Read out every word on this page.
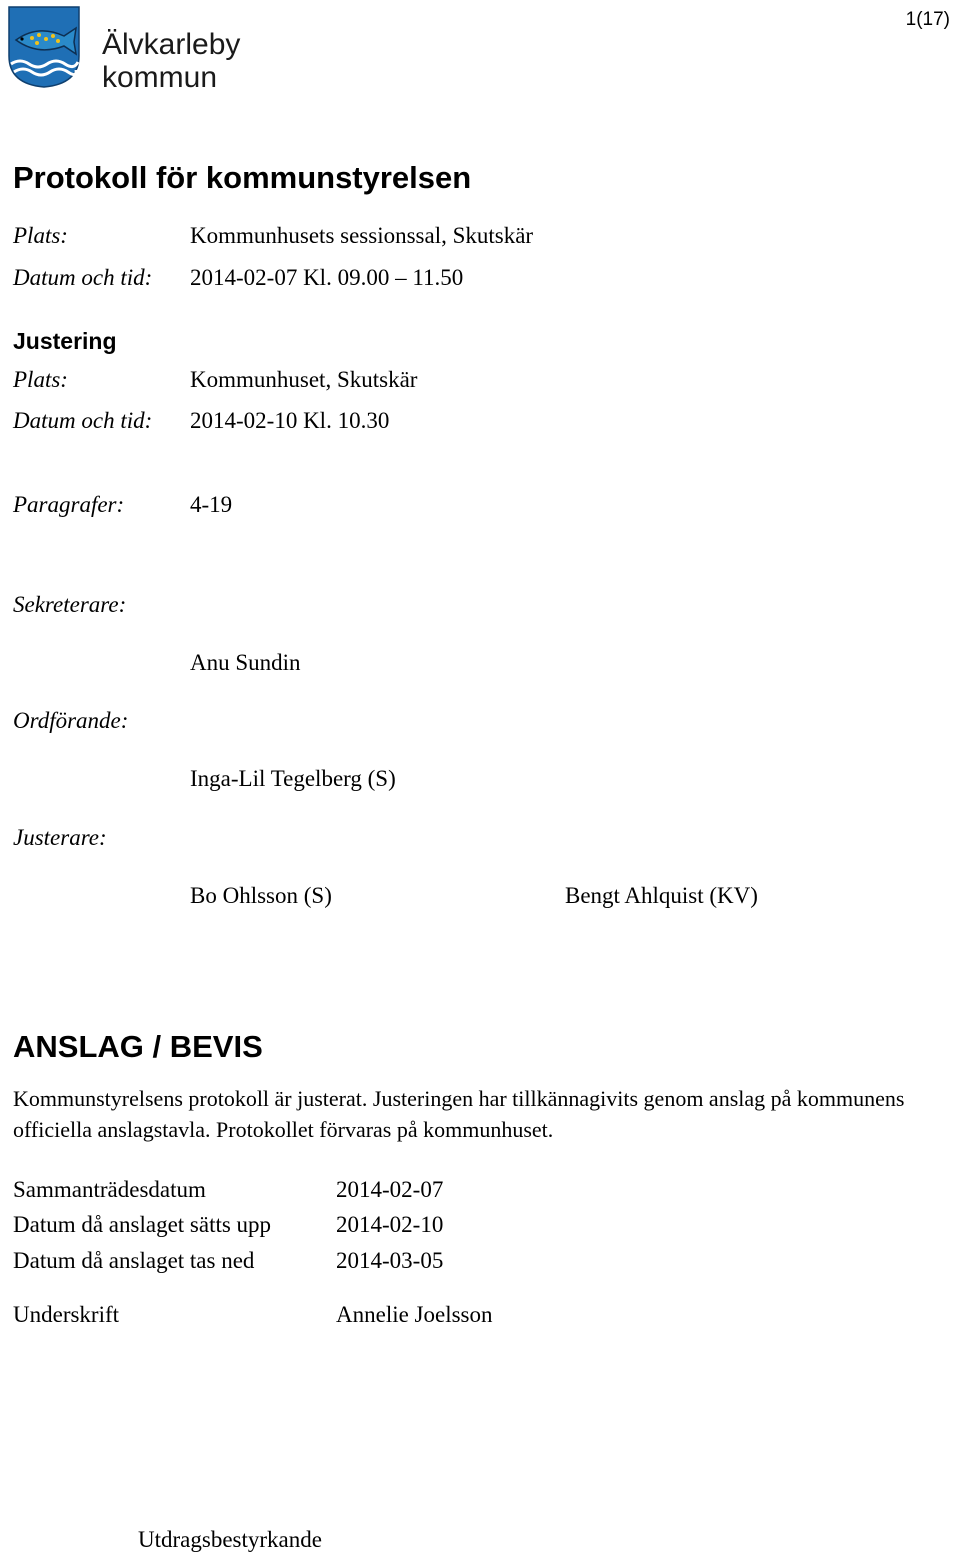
Älvkarleby
kommun
1(17)
Protokoll för kommunstyrelsen
Plats:	Kommunhusets sessionssal, Skutskär
Datum och tid: 2014-02-07 Kl. 09.00 – 11.50
Justering
Plats:	Kommunhuset, Skutskär
Datum och tid: 2014-02-10 Kl. 10.30
Paragrafer:	4-19
Sekreterare:
Anu Sundin
Ordförande:
Inga-Lil Tegelberg (S)
Justerare:
Bo Ohlsson (S)	Bengt Ahlquist (KV)
ANSLAG / BEVIS
Kommunstyrelsens protokoll är justerat. Justeringen har tillkännagivits genom anslag på kommunens officiella anslagstavla. Protokollet förvaras på kommunhuset.
Sammanträdesdatum	2014-02-07
Datum då anslaget sätts upp	2014-02-10
Datum då anslaget tas ned	2014-03-05
Underskrift	Annelie Joelsson
Utdragsbestyrkande
